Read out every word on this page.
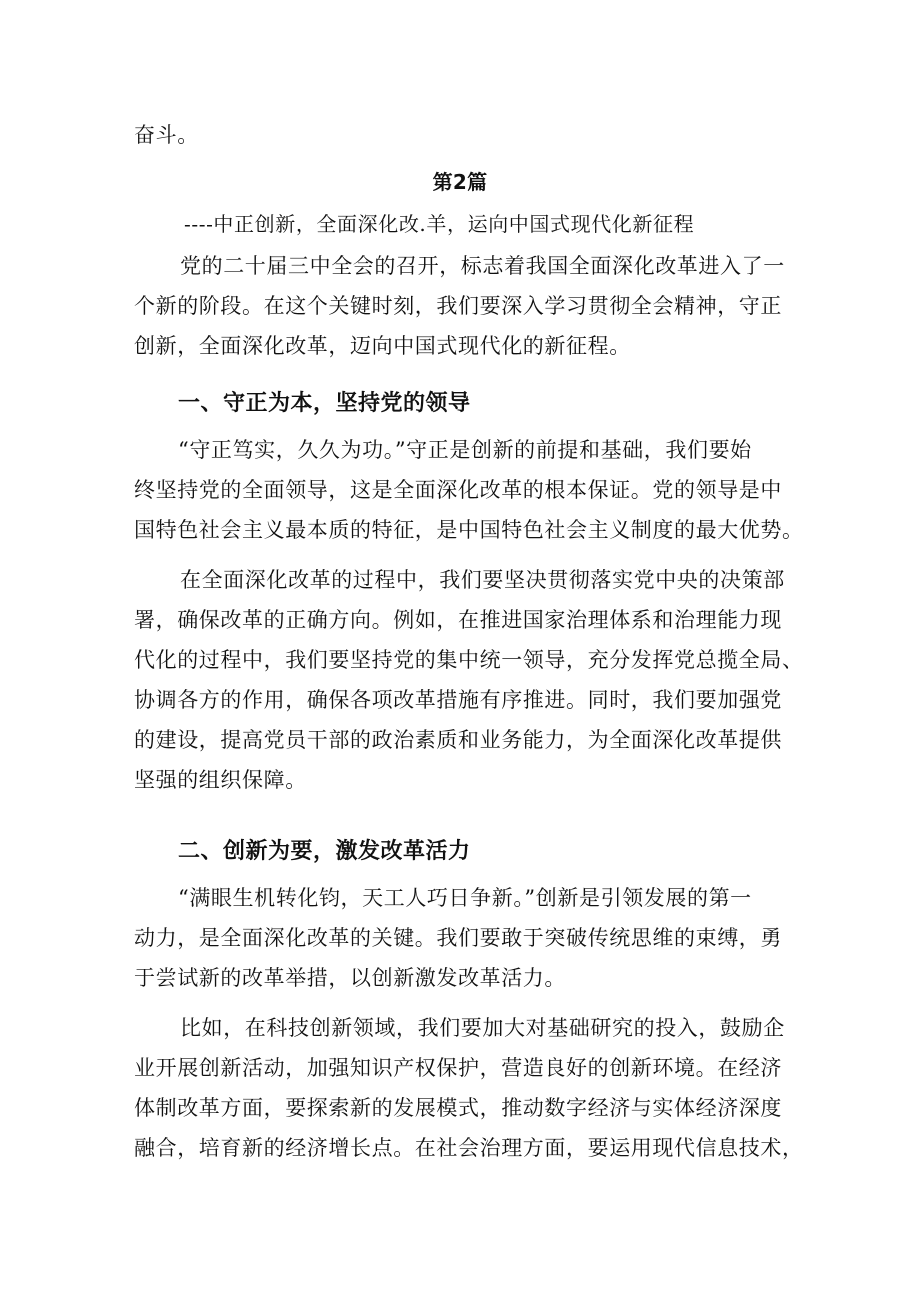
奋斗。
第2篇
----中正创新，全面深化改.羊，运向中国式现代化新征程
党的二十届三中全会的召开，标志着我国全面深化改革进入了一
个新的阶段。在这个关键时刻，我们要深入学习贯彻全会精神，守正
创新，全面深化改革，迈向中国式现代化的新征程。
一、守正为本，坚持党的领导
“守正笃实，久久为功。”守正是创新的前提和基础，我们要始
终坚持党的全面领导，这是全面深化改革的根本保证。党的领导是中
国特色社会主义最本质的特征，是中国特色社会主义制度的最大优势。
在全面深化改革的过程中，我们要坚决贯彻落实党中央的决策部
署，确保改革的正确方向。例如，在推进国家治理体系和治理能力现
代化的过程中，我们要坚持党的集中统一领导，充分发挥党总揽全局、
协调各方的作用，确保各项改革措施有序推进。同时，我们要加强党
的建设，提高党员干部的政治素质和业务能力，为全面深化改革提供
坚强的组织保障。
二、创新为要，激发改革活力
“满眼生机转化钧，天工人巧日争新。”创新是引领发展的第一
动力，是全面深化改革的关键。我们要敢于突破传统思维的束缚，勇
于尝试新的改革举措，以创新激发改革活力。
比如，在科技创新领域，我们要加大对基础研究的投入，鼓励企
业开展创新活动，加强知识产权保护，营造良好的创新环境。在经济
体制改革方面，要探索新的发展模式，推动数字经济与实体经济深度
融合，培育新的经济增长点。在社会治理方面，要运用现代信息技术，
